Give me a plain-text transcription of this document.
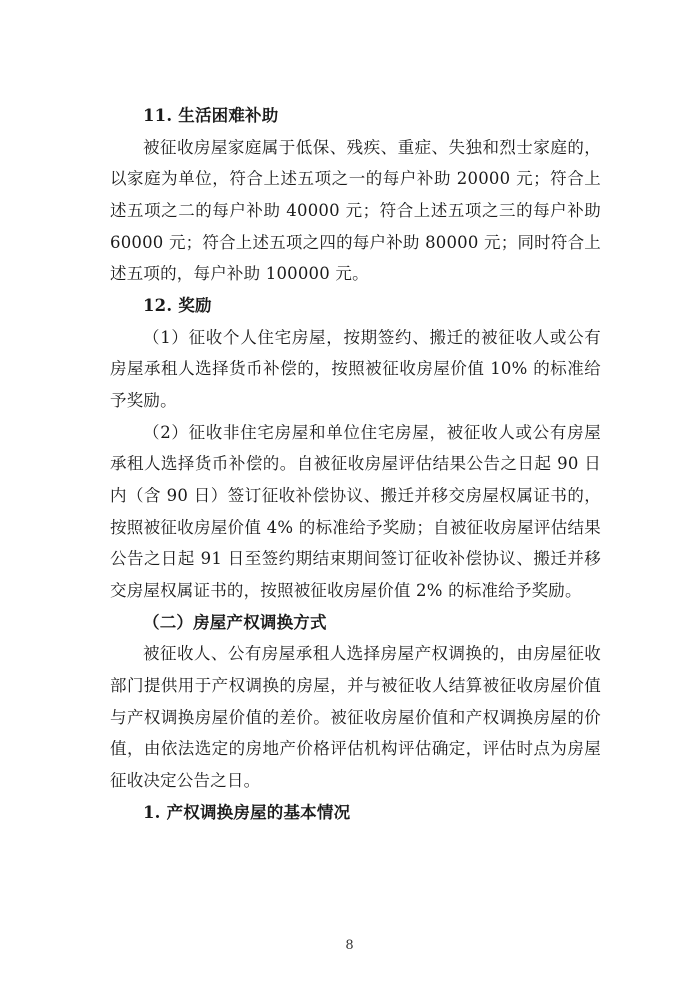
11. 生活困难补助

被征收房屋家庭属于低保、残疾、重症、失独和烈士家庭的，以家庭为单位，符合上述五项之一的每户补助 20000 元；符合上述五项之二的每户补助 40000 元；符合上述五项之三的每户补助 60000 元；符合上述五项之四的每户补助 80000 元；同时符合上述五项的，每户补助 100000 元。

12. 奖励

（1）征收个人住宅房屋，按期签约、搬迁的被征收人或公有房屋承租人选择货币补偿的，按照被征收房屋价值 10% 的标准给予奖励。

（2）征收非住宅房屋和单位住宅房屋，被征收人或公有房屋承租人选择货币补偿的。自被征收房屋评估结果公告之日起 90 日内（含 90 日）签订征收补偿协议、搬迁并移交房屋权属证书的，按照被征收房屋价值 4% 的标准给予奖励；自被征收房屋评估结果公告之日起 91 日至签约期结束期间签订征收补偿协议、搬迁并移交房屋权属证书的，按照被征收房屋价值 2% 的标准给予奖励。

（二）房屋产权调换方式

被征收人、公有房屋承租人选择房屋产权调换的，由房屋征收部门提供用于产权调换的房屋，并与被征收人结算被征收房屋价值与产权调换房屋价值的差价。被征收房屋价值和产权调换房屋的价值，由依法选定的房地产价格评估机构评估确定，评估时点为房屋征收决定公告之日。

1. 产权调换房屋的基本情况
8
